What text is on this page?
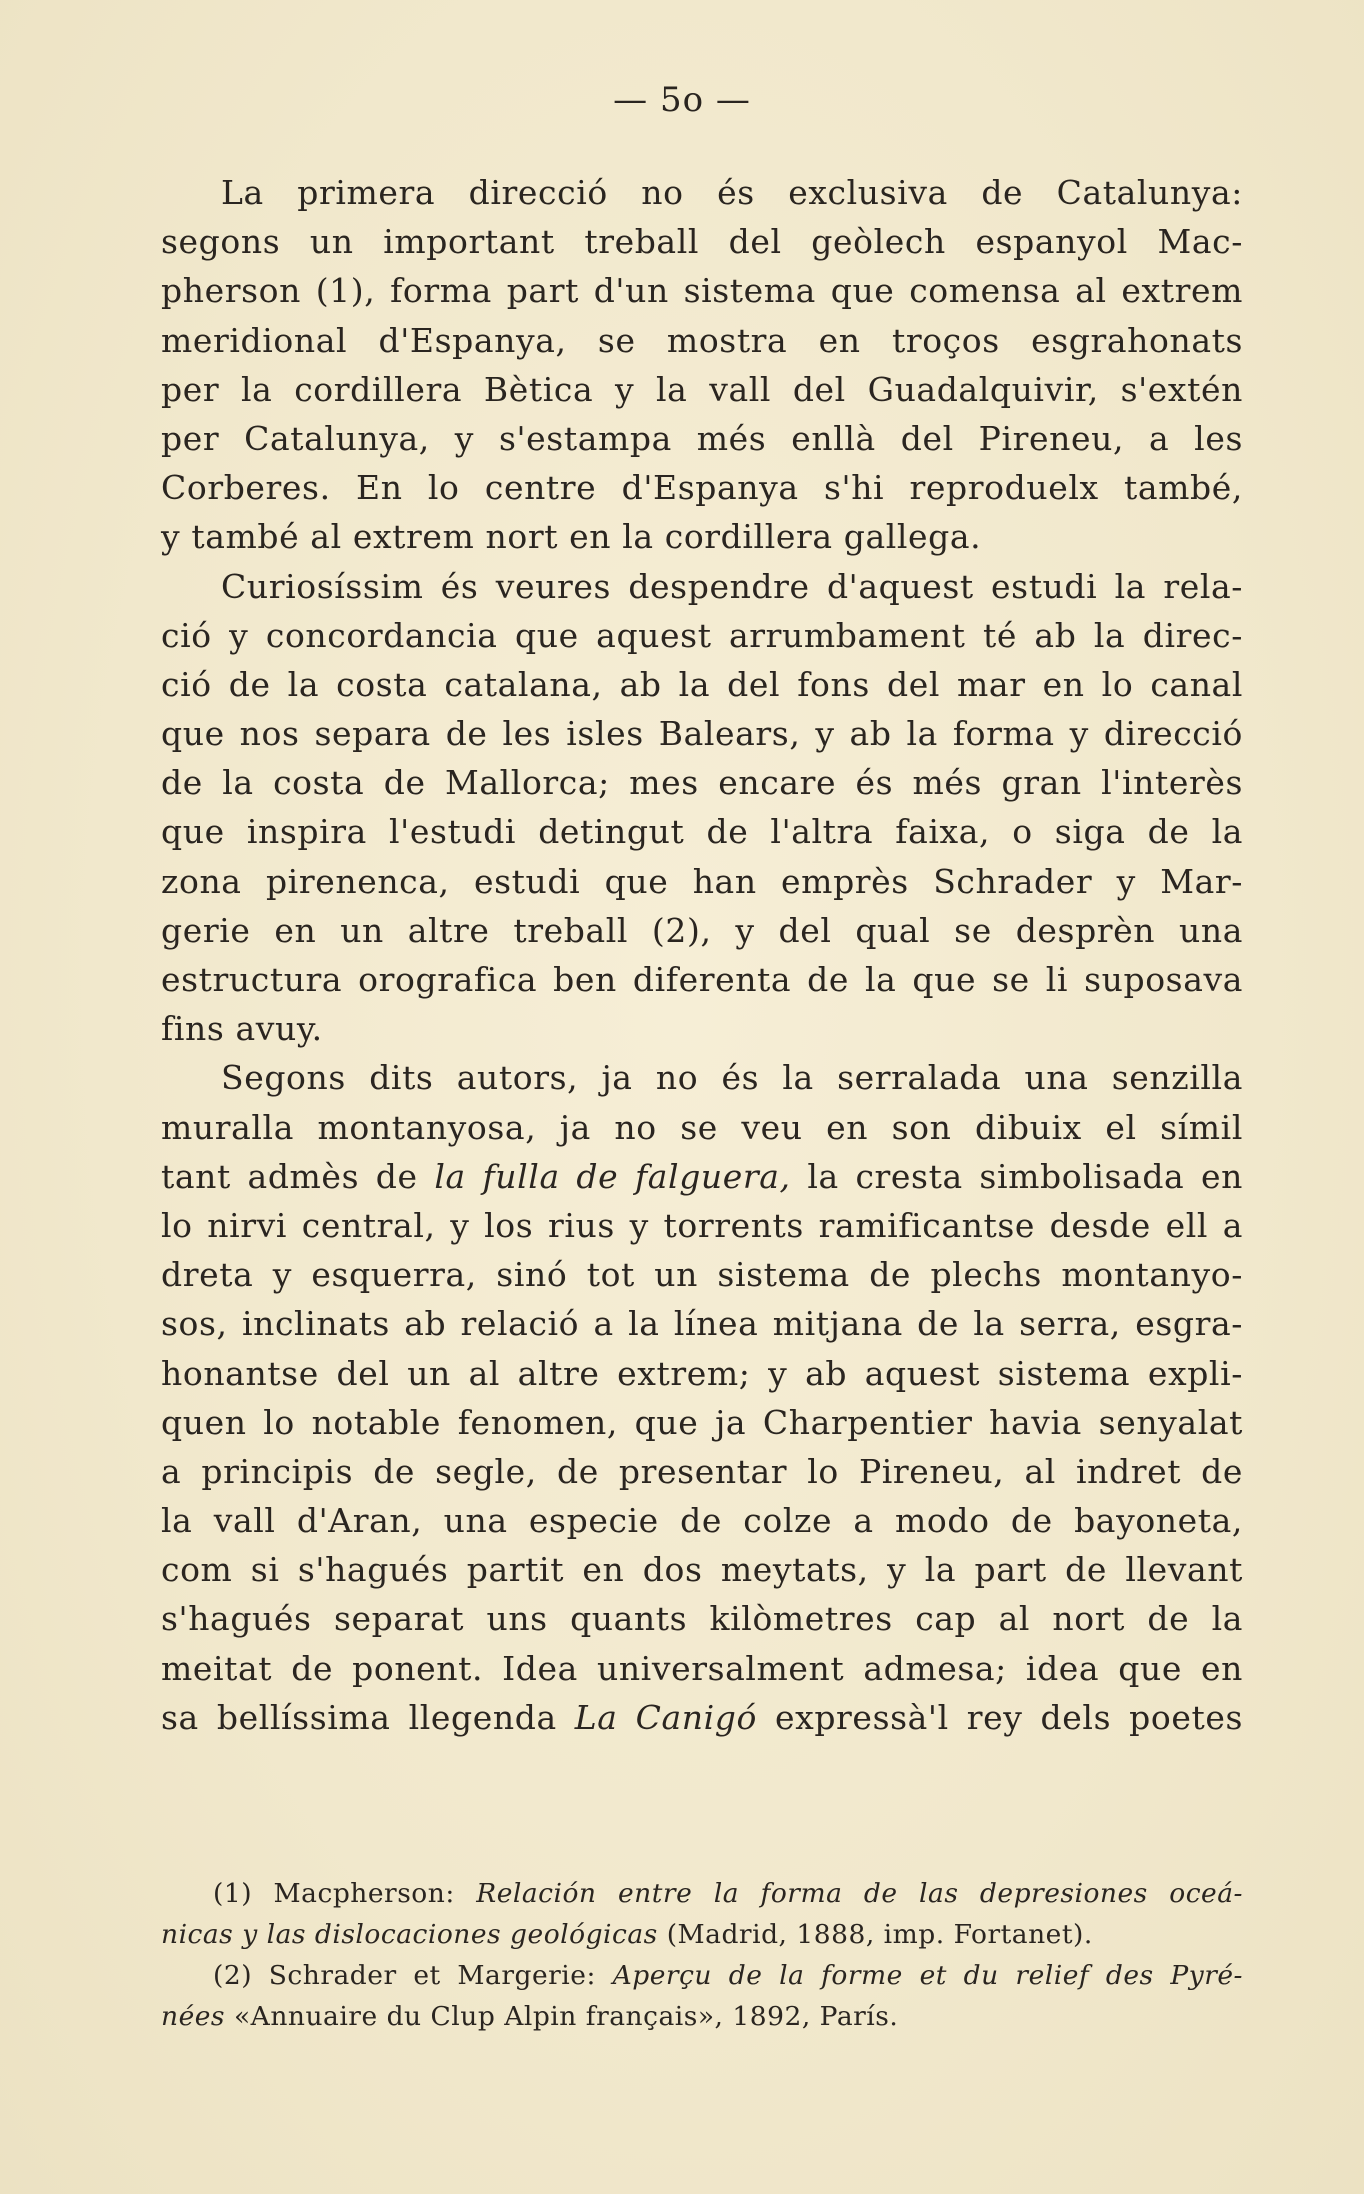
— 5o —
La primera direcció no és exclusiva de Catalunya:
segons un important treball del geòlech espanyol Mac-
pherson (1), forma part d'un sistema que comensa al extrem
meridional d'Espanya, se mostra en troços esgrahonats
per la cordillera Bètica y la vall del Guadalquivir, s'extén
per Catalunya, y s'estampa més enllà del Pireneu, a les
Corberes. En lo centre d'Espanya s'hi reproduelx també,
y també al extrem nort en la cordillera gallega.
Curiosíssim és veures despendre d'aquest estudi la rela-
ció y concordancia que aquest arrumbament té ab la direc-
ció de la costa catalana, ab la del fons del mar en lo canal
que nos separa de les isles Balears, y ab la forma y direcció
de la costa de Mallorca; mes encare és més gran l'interès
que inspira l'estudi detingut de l'altra faixa, o siga de la
zona pirenenca, estudi que han emprès Schrader y Mar-
gerie en un altre treball (2), y del qual se desprèn una
estructura orografica ben diferenta de la que se li suposava
fins avuy.
Segons dits autors, ja no és la serralada una senzilla
muralla montanyosa, ja no se veu en son dibuix el símil
tant admès de la fulla de falguera, la cresta simbolisada en
lo nirvi central, y los rius y torrents ramificantse desde ell a
dreta y esquerra, sinó tot un sistema de plechs montanyo-
sos, inclinats ab relació a la línea mitjana de la serra, esgra-
honantse del un al altre extrem; y ab aquest sistema expli-
quen lo notable fenomen, que ja Charpentier havia senyalat
a principis de segle, de presentar lo Pireneu, al indret de
la vall d'Aran, una especie de colze a modo de bayoneta,
com si s'hagués partit en dos meytats, y la part de llevant
s'hagués separat uns quants kilòmetres cap al nort de la
meitat de ponent. Idea universalment admesa; idea que en
sa bellíssima llegenda La Canigó expressà'l rey dels poetes
(1) Macpherson: Relación entre la forma de las depresiones oceá-
nicas y las dislocaciones geológicas (Madrid, 1888, imp. Fortanet).
(2) Schrader et Margerie: Aperçu de la forme et du relief des Pyré-
nées «Annuaire du Clup Alpin français», 1892, París.
